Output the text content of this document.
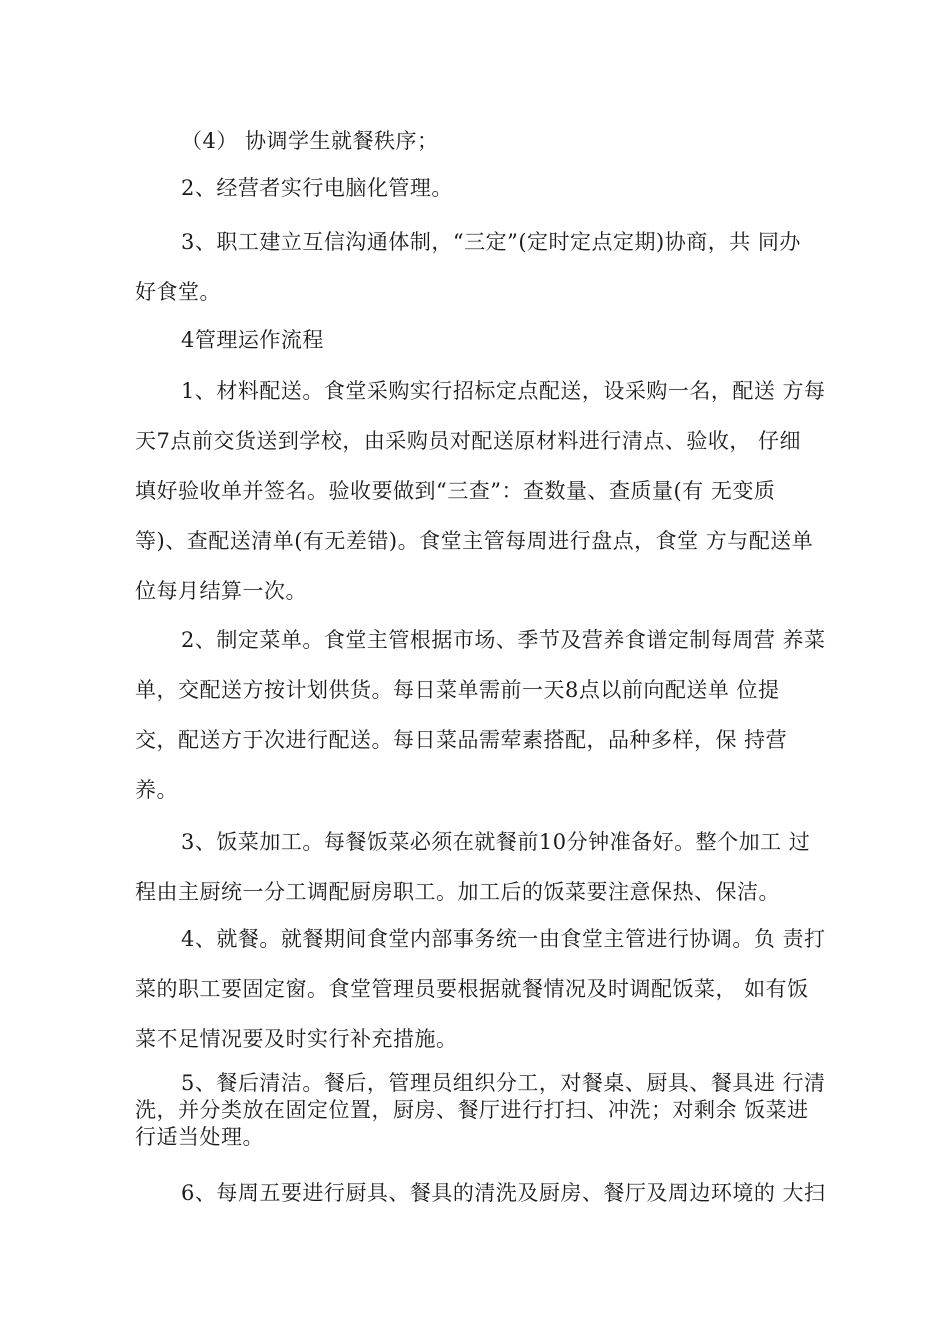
（4） 协调学生就餐秩序；
2、经营者实行电脑化管理。
3、职工建立互信沟通体制，“三定”(定时定点定期)协商，共 同办
好食堂。
4管理运作流程
1、材料配送。食堂采购实行招标定点配送，设采购一名，配送 方每
天7点前交货送到学校，由采购员对配送原材料进行清点、验收， 仔细
填好验收单并签名。验收要做到“三查”：查数量、查质量(有 无变质
等)、查配送清单(有无差错)。食堂主管每周进行盘点，食堂 方与配送单
位每月结算一次。
2、制定菜单。食堂主管根据市场、季节及营养食谱定制每周营 养菜
单，交配送方按计划供货。每日菜单需前一天8点以前向配送单 位提
交，配送方于次进行配送。每日菜品需荤素搭配，品种多样，保 持营
养。
3、饭菜加工。每餐饭菜必须在就餐前10分钟准备好。整个加工 过
程由主厨统一分工调配厨房职工。加工后的饭菜要注意保热、保洁。
4、就餐。就餐期间食堂内部事务统一由食堂主管进行协调。负 责打
菜的职工要固定窗。食堂管理员要根据就餐情况及时调配饭菜， 如有饭
菜不足情况要及时实行补充措施。
5、餐后清洁。餐后，管理员组织分工，对餐桌、厨具、餐具进 行清
洗，并分类放在固定位置，厨房、餐厅进行打扫、冲洗；对剩余 饭菜进
行适当处理。
6、每周五要进行厨具、餐具的清洗及厨房、餐厅及周边环境的 大扫
